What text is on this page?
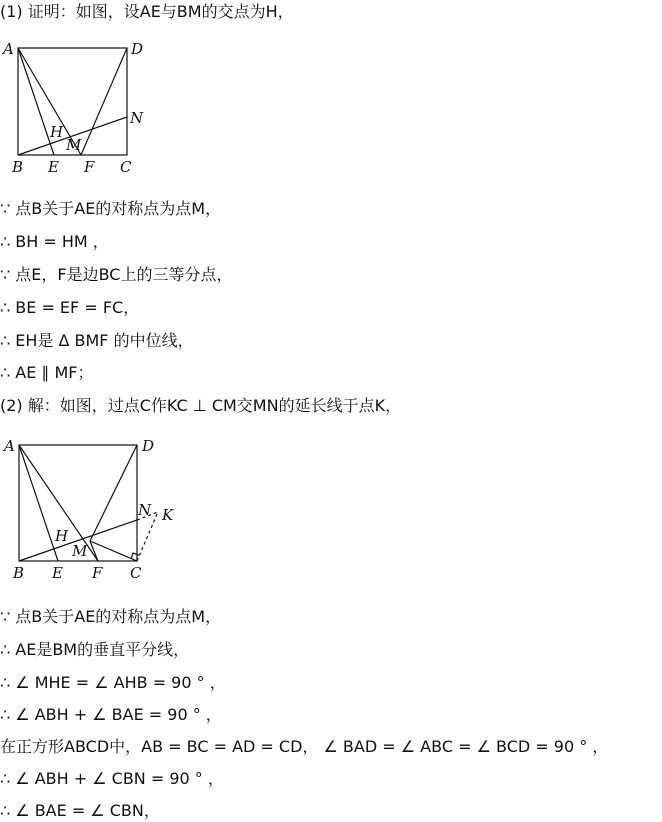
(1) 证明：如图，设AE与BM的交点为H，
A	D
N
H
M
B E F C
∵ 点B关于AE的对称点为点M，
∴ BH = HM ，
∵ 点E，F是边BC上的三等分点，
∴ BE = EF = FC，
∴ EH是 Δ BMF 的中位线，
∴ AE ∥ MF；
(2) 解：如图，过点C作KC ⊥ CM交MN的延长线于点K，
A	D
N K
H
M
B E F C
∵ 点B关于AE的对称点为点M，
∴ AE是BM的垂直平分线，
∴ ∠ MHE = ∠ AHB = 90 ° ，
∴ ∠ ABH + ∠ BAE = 90 ° ，
在正方形ABCD中，AB = BC = AD = CD， ∠ BAD = ∠ ABC = ∠ BCD = 90 ° ，
∴ ∠ ABH + ∠ CBN = 90 ° ，
∴ ∠ BAE = ∠ CBN，
